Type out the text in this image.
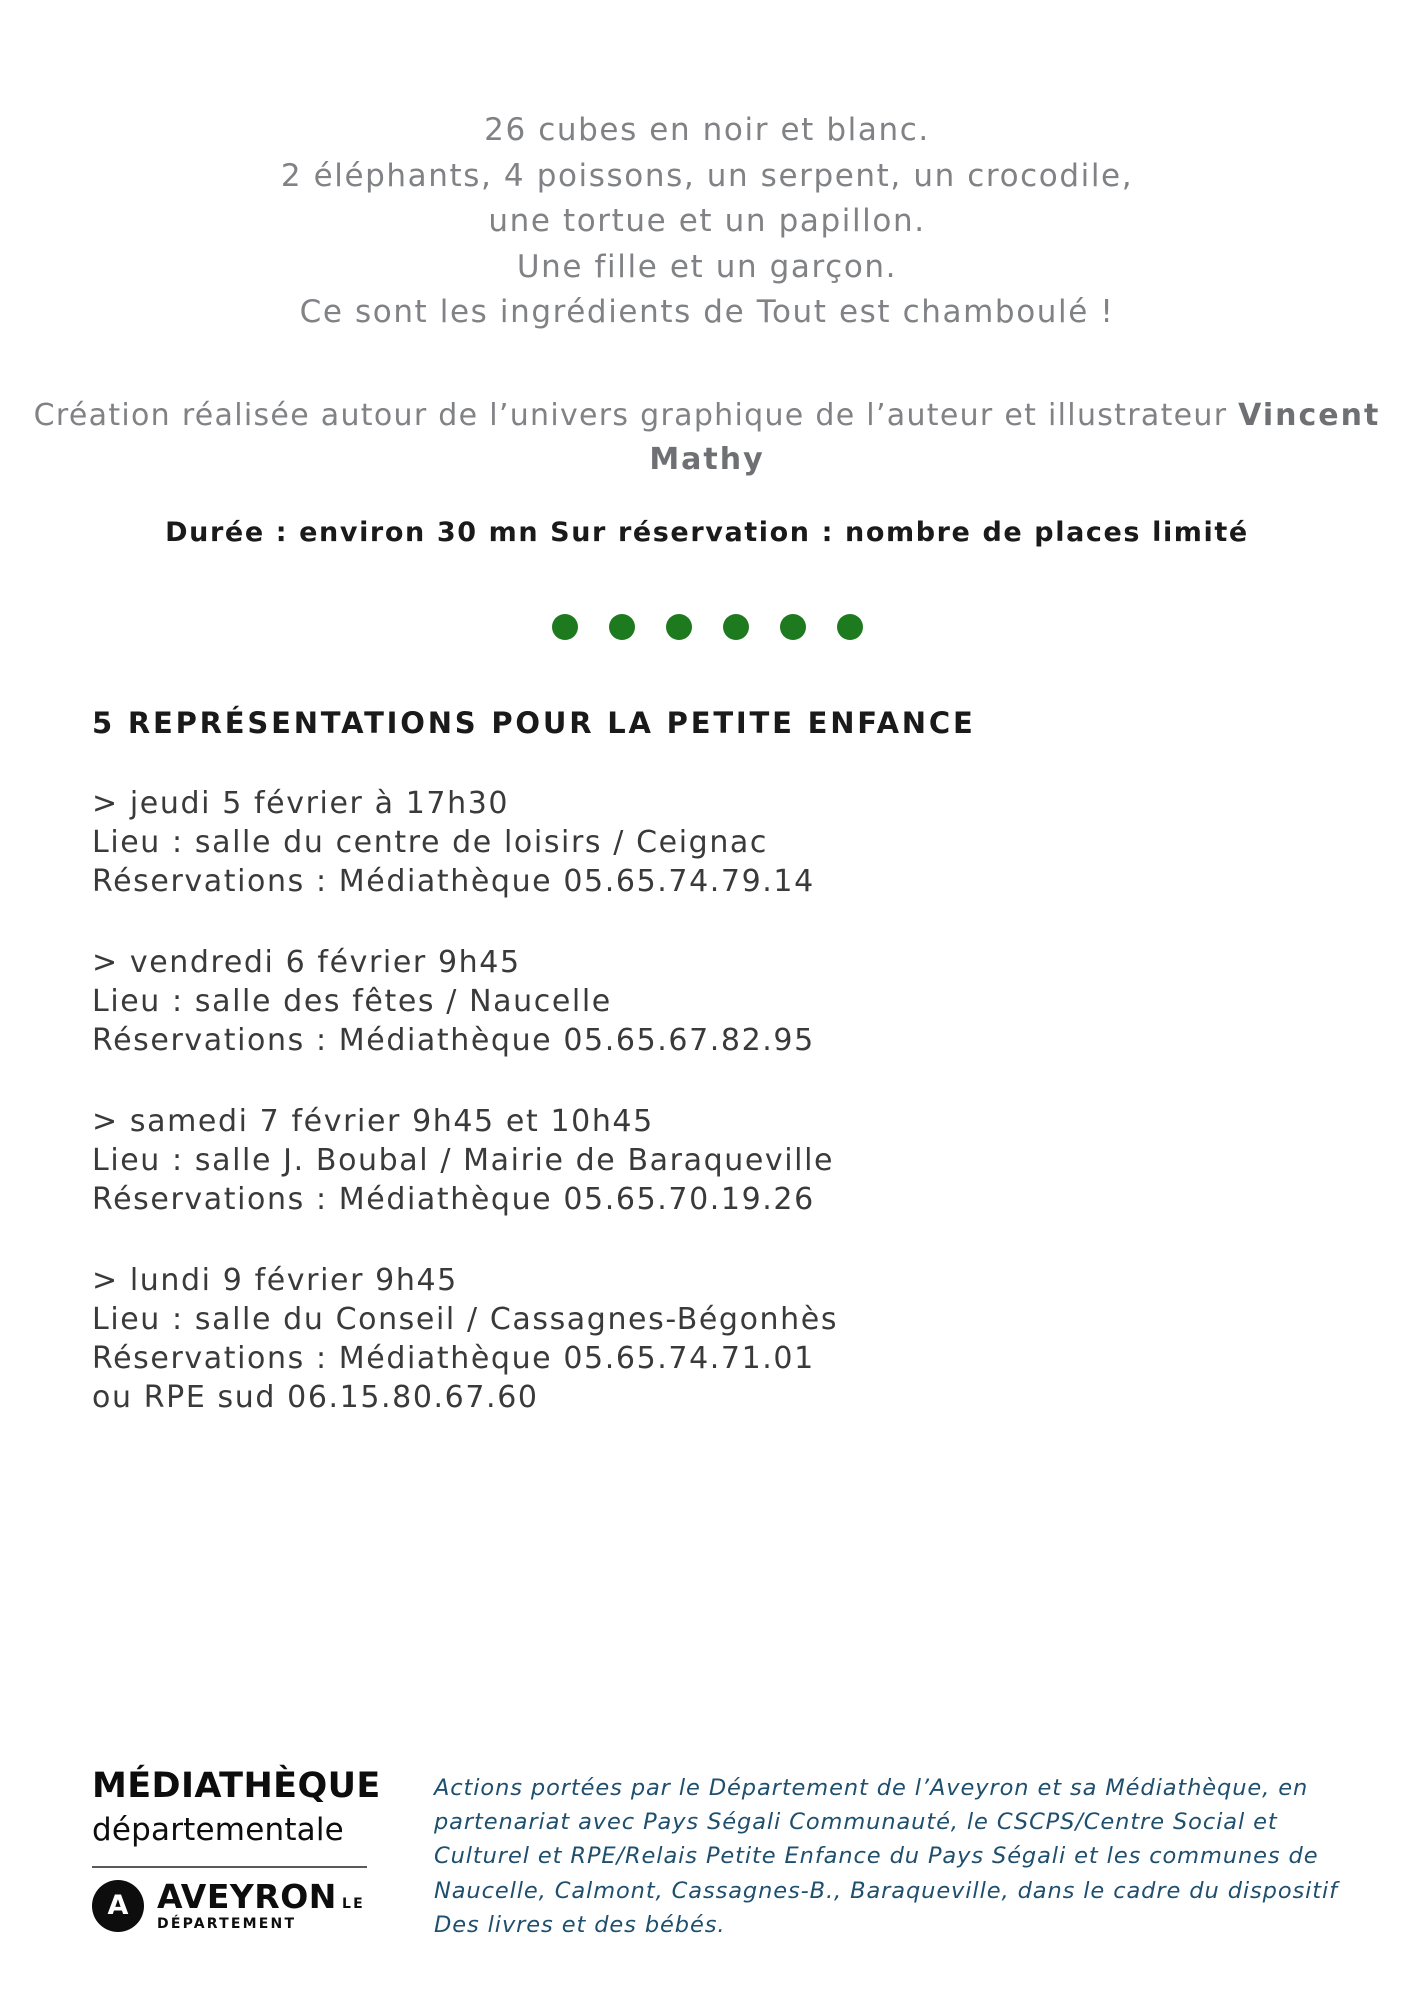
26 cubes en noir et blanc.
2 éléphants, 4 poissons, un serpent, un crocodile,
une tortue et un papillon.
Une fille et un garçon.
Ce sont les ingrédients de Tout est chamboulé !
Création réalisée autour de l’univers graphique de l’auteur et illustrateur Vincent Mathy
Durée : environ 30 mn Sur réservation : nombre de places limité
5 REPRÉSENTATIONS POUR LA PETITE ENFANCE
> jeudi 5 février à 17h30
Lieu : salle du centre de loisirs / Ceignac
Réservations : Médiathèque 05.65.74.79.14
> vendredi 6 février 9h45
Lieu : salle des fêtes / Naucelle
Réservations : Médiathèque 05.65.67.82.95
> samedi 7 février 9h45 et 10h45
Lieu : salle J. Boubal / Mairie de Baraqueville
Réservations : Médiathèque 05.65.70.19.26
> lundi 9 février 9h45
Lieu : salle du Conseil / Cassagnes-Bégonhès
Réservations : Médiathèque 05.65.74.71.01
ou RPE sud 06.15.80.67.60
MÉDIATHÈQUE
départementale
A AVEYRON LE DÉPARTEMENT
Actions portées par le Département de l’Aveyron et sa Médiathèque, en partenariat avec Pays Ségali Communauté, le CSCPS/Centre Social et Culturel et RPE/Relais Petite Enfance du Pays Ségali et les communes de Naucelle, Calmont, Cassagnes-B., Baraqueville, dans le cadre du dispositif Des livres et des bébés.
